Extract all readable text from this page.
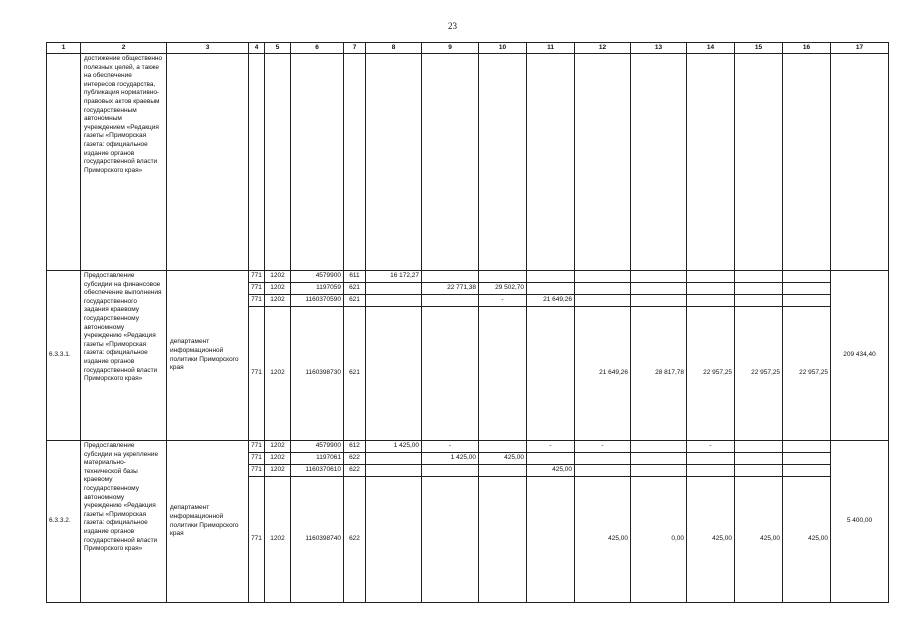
23
1	2	3	4	5	6	7	8	9	10	11	12	13	14	15	16	17
	достижение общественно полезных целей, а также на обеспечение интересов государства, публикация нормативно-правовых актов краевым государственным автономным учреждением «Редакция газеты «Приморская газета: официальное издание органов государственной власти Приморского края»															
6.3.3.1.	Предоставление субсидии на финансовое обеспечение выполнения государственного задания краевому государственному автономному учреждению «Редакция газеты «Приморская газета: официальное издание органов государственной власти Приморского края»	департамент информационной политики Приморского края	771	1202	4579900	611	16 172,27									209 434,40
			771	1202	1197059	621		22 771,38	29 502,70							
			771	1202	1160370590	621			-	21 649,26						
			771	1202	1160398730	621					21 649,26	28 817,78	22 957,25	22 957,25	22 957,25	
6.3.3.2.	Предоставление субсидии на укрепление материально-технической базы краевому государственному автономному учреждению «Редакция газеты «Приморская газета: официальное издание органов государственной власти Приморского края»	департамент информационной политики Приморского края	771	1202	4579900	612	1 425,00	-		-	-		-			5 400,00
			771	1202	1197061	622		1 425,00	425,00							
			771	1202	1160370610	622				425,00						
			771	1202	1160398740	622					425,00	0,00	425,00	425,00	425,00	
